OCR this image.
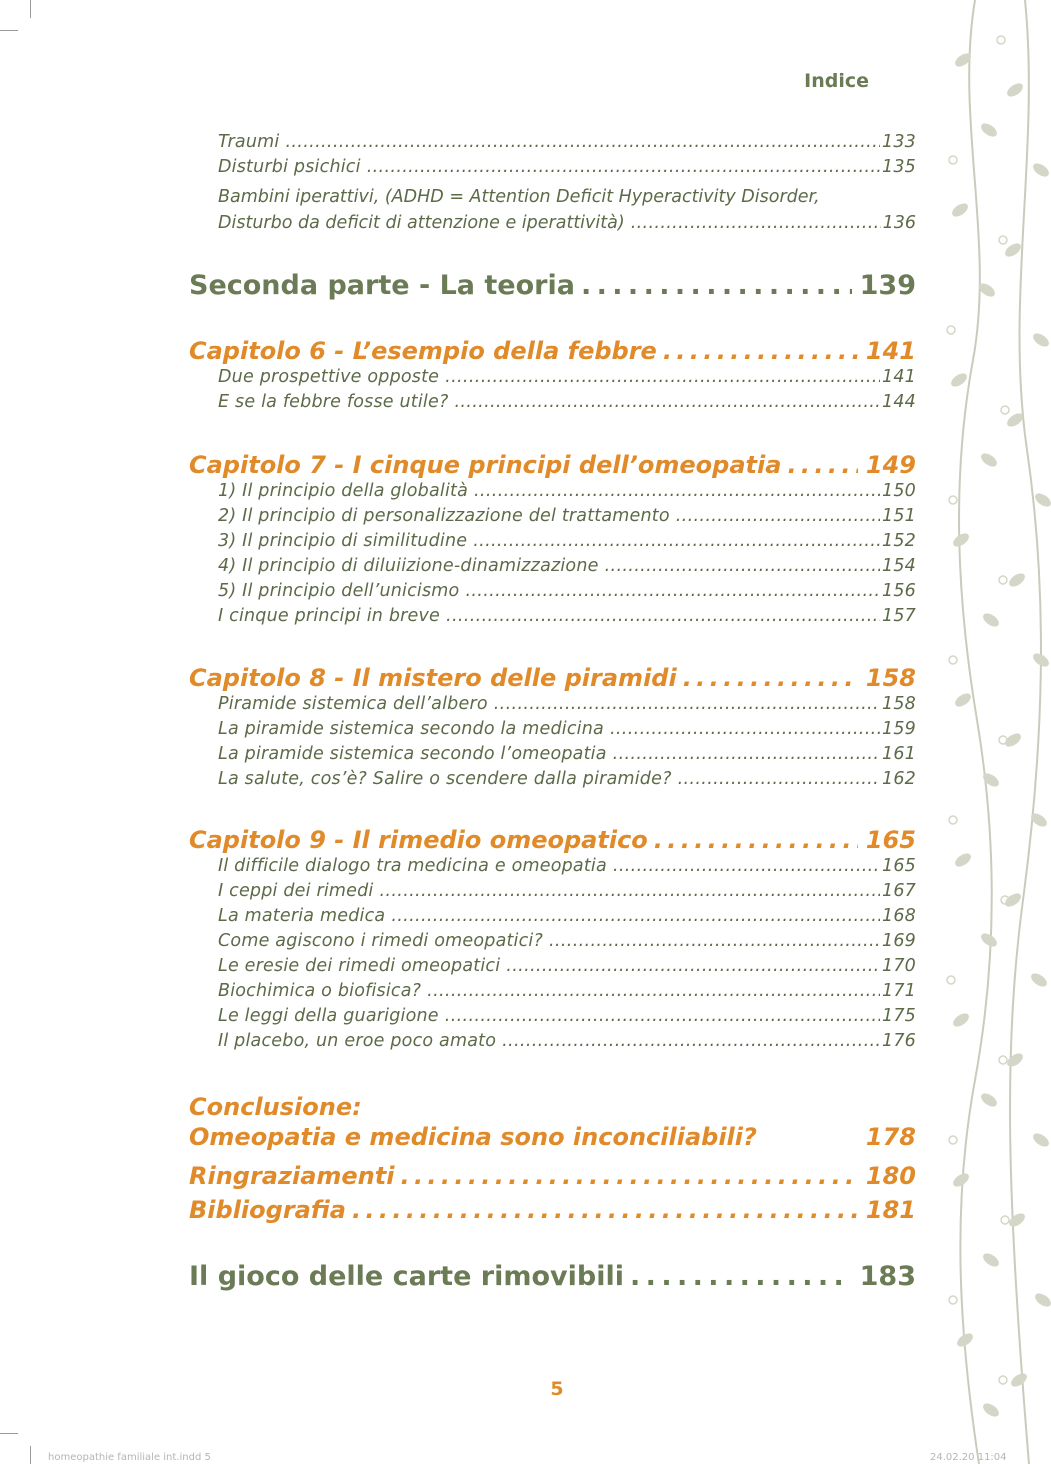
Indice
Traumi . . .	133
Disturbi psichici . . .	135
Bambini iperattivi, (ADHD = Attention Deficit Hyperactivity Disorder,
Disturbo da deficit di attenzione e iperattività) . . .	136
Seconda parte - La teoria . . .	139
Capitolo 6 - L’esempio della febbre . . .	141
Due prospettive opposte . . .	141
E se la febbre fosse utile? . . .	144
Capitolo 7 - I cinque principi dell’omeopatia . . .	149
1) Il principio della globalità . . .	150
2) Il principio di personalizzazione del trattamento . . .	151
3) Il principio di similitudine . . .	152
4) Il principio di diluiizione-dinamizzazione . . .	154
5) Il principio dell’unicismo . . .	156
I cinque principi in breve . . .	157
Capitolo 8 - Il mistero delle piramidi . . .	158
Piramide sistemica dell’albero . . .	158
La piramide sistemica secondo la medicina . . .	159
La piramide sistemica secondo l’omeopatia . . .	161
La salute, cos’è? Salire o scendere dalla piramide? . . .	162
Capitolo 9 - Il rimedio omeopatico . . .	165
Il difficile dialogo tra medicina e omeopatia . . .	165
I ceppi dei rimedi . . .	167
La materia medica . . .	168
Come agiscono i rimedi omeopatici? . . .	169
Le eresie dei rimedi omeopatici . . .	170
Biochimica o biofisica? . . .	171
Le leggi della guarigione . . .	175
Il placebo, un eroe poco amato . . .	176
Conclusione:
Omeopatia e medicina sono inconciliabili?	178
Ringraziamenti . . .	180
Bibliografia . . .	181
Il gioco delle carte rimovibili . . .	183
5
homeopathie familiale int.indd 5	24.02.20 11:04
